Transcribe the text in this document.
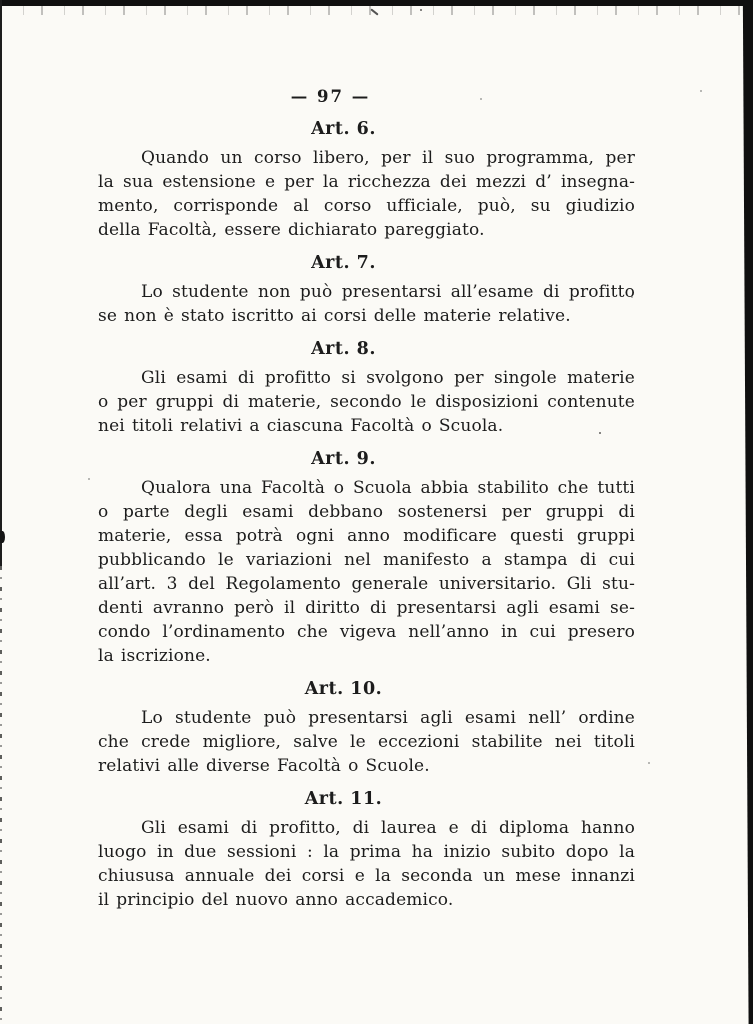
— 97 —
Art. 6.
Quando un corso libero, per il suo programma, per
la sua estensione e per la ricchezza dei mezzi d’ insegna-
mento, corrisponde al corso ufficiale, può, su giudizio
della Facoltà, essere dichiarato pareggiato.
Art. 7.
Lo studente non può presentarsi all’esame di profitto
se non è stato iscritto ai corsi delle materie relative.
Art. 8.
Gli esami di profitto si svolgono per singole materie
o per gruppi di materie, secondo le disposizioni contenute
nei titoli relativi a ciascuna Facoltà o Scuola.
Art. 9.
Qualora una Facoltà o Scuola abbia stabilito che tutti
o parte degli esami debbano sostenersi per gruppi di
materie, essa potrà ogni anno modificare questi gruppi
pubblicando le variazioni nel manifesto a stampa di cui
all’art. 3 del Regolamento generale universitario. Gli stu-
denti avranno però il diritto di presentarsi agli esami se-
condo l’ordinamento che vigeva nell’anno in cui presero
la iscrizione.
Art. 10.
Lo studente può presentarsi agli esami nell’ ordine
che crede migliore, salve le eccezioni stabilite nei titoli
relativi alle diverse Facoltà o Scuole.
Art. 11.
Gli esami di profitto, di laurea e di diploma hanno
luogo in due sessioni : la prima ha inizio subito dopo la
chiususa annuale dei corsi e la seconda un mese innanzi
il principio del nuovo anno accademico.
